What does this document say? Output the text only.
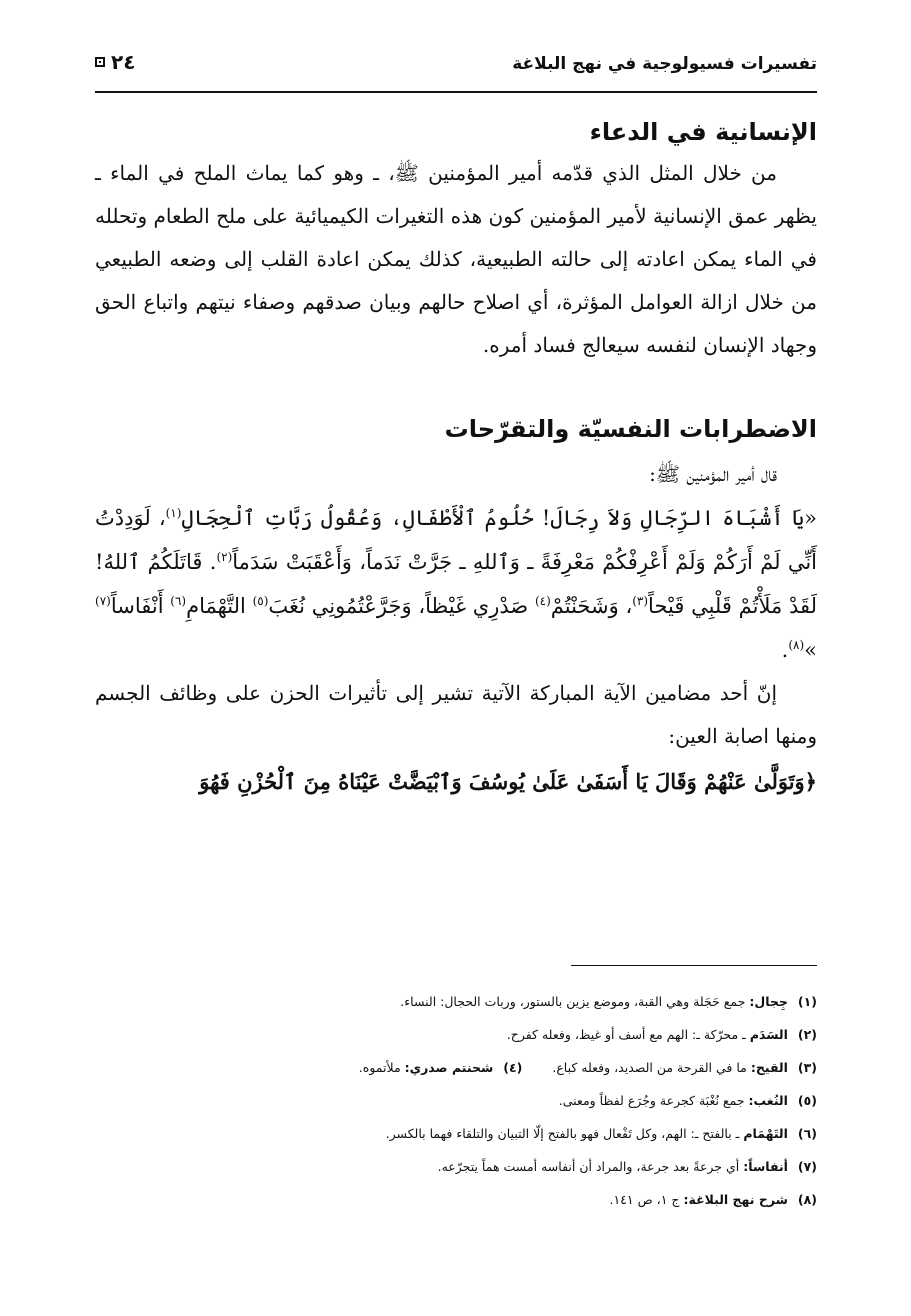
تفسيرات فسيولوجية في نهج البلاغة
٢٤
الإنسانية في الدعاء

من خلال المثل الذي قدّمه أمير المؤمنين ﷺ، ـ وهو كما يماث الملح في الماء ـ يظهر عمق الإنسانية لأمير المؤمنين كون هذه التغيرات الكيميائية على ملح الطعام وتحلله في الماء يمكن اعادته إلى حالته الطبيعية، كذلك يمكن اعادة القلب إلى وضعه الطبيعي من خلال ازالة العوامل المؤثرة، أي اصلاح حالهم وبيان صدقهم وصفاء نيتهم واتباع الحق وجهاد الإنسان لنفسه سيعالج فساد أمره.

الاضطرابات النفسيّة والتقرّحات

قال أمير المؤمنين ﷺ:

«يَا أَشْبَاهَ الرِّجَالِ وَلاَ رِجَالَ! حُلُومُ ٱلْأَطْفَالِ، وَعُقُولُ رَبَّاتِ ٱلْحِجَالِ$^{(١)}$، لَوَدِدْتُ أَنِّي لَمْ أَرَكُمْ وَلَمْ أَعْرِفْكُمْ مَعْرِفَةً ـ وَٱللهِ ـ جَرَّتْ نَدَماً، وَأَعْقَبَتْ سَدَماً$^{(٢)}$. قَاتَلَكُمُ ٱللهُ! لَقَدْ مَلَأْتُمْ قَلْبِي قَيْحاً$^{(٣)}$، وَشَحَنْتُمْ$^{(٤)}$ صَدْرِي غَيْظاً، وَجَرَّعْتُمُونِي نُغَبَ$^{(٥)}$ التَّهْمَامِ$^{(٦)}$ أَنْفَاساً$^{(٧)}$ »$^{(٨)}$.

إنّ أحد مضامين الآية المباركة الآتية تشير إلى تأثيرات الحزن على وظائف الجسم ومنها اصابة العين:

﴿وَتَوَلَّىٰ عَنْهُمْ وَقَالَ يَا أَسَفَىٰ عَلَىٰ يُوسُفَ وَٱبْيَضَّتْ عَيْنَاهُ مِنَ ٱلْحُزْنِ فَهُوَ

(١)
جِجال:
جمع حَجَلة وهي القبة، وموضع يزين بالستور، وربات الحجال: النساء.
(٢)
السَدَم
ـ محرّكة ـ: الهم مع أسف أو غيظ، وفعله كفرح.
(٣)
القيح:
ما في القرحة من الصديد، وفعله كباع.
(٤)
شحنتم صدري:
ملأتموه.
(٥)
النُغب:
جمع نُغْبَة كجرعة وجُرَع لفظاً ومعنى.
(٦)
التَهْمَام
ـ بالفتح ـ: الهم، وكل تَفْعال فهو بالفتح إلّا التبيان والتلقاء فهما بالكسر.
(٧)
أنفاساً:
أي جرعةً بعد جرعة، والمراد أن أنفاسه أمست هماً يتجرّعه.
(٨)
شرح نهج البلاغة:
ج ١، ص ١٤١.
